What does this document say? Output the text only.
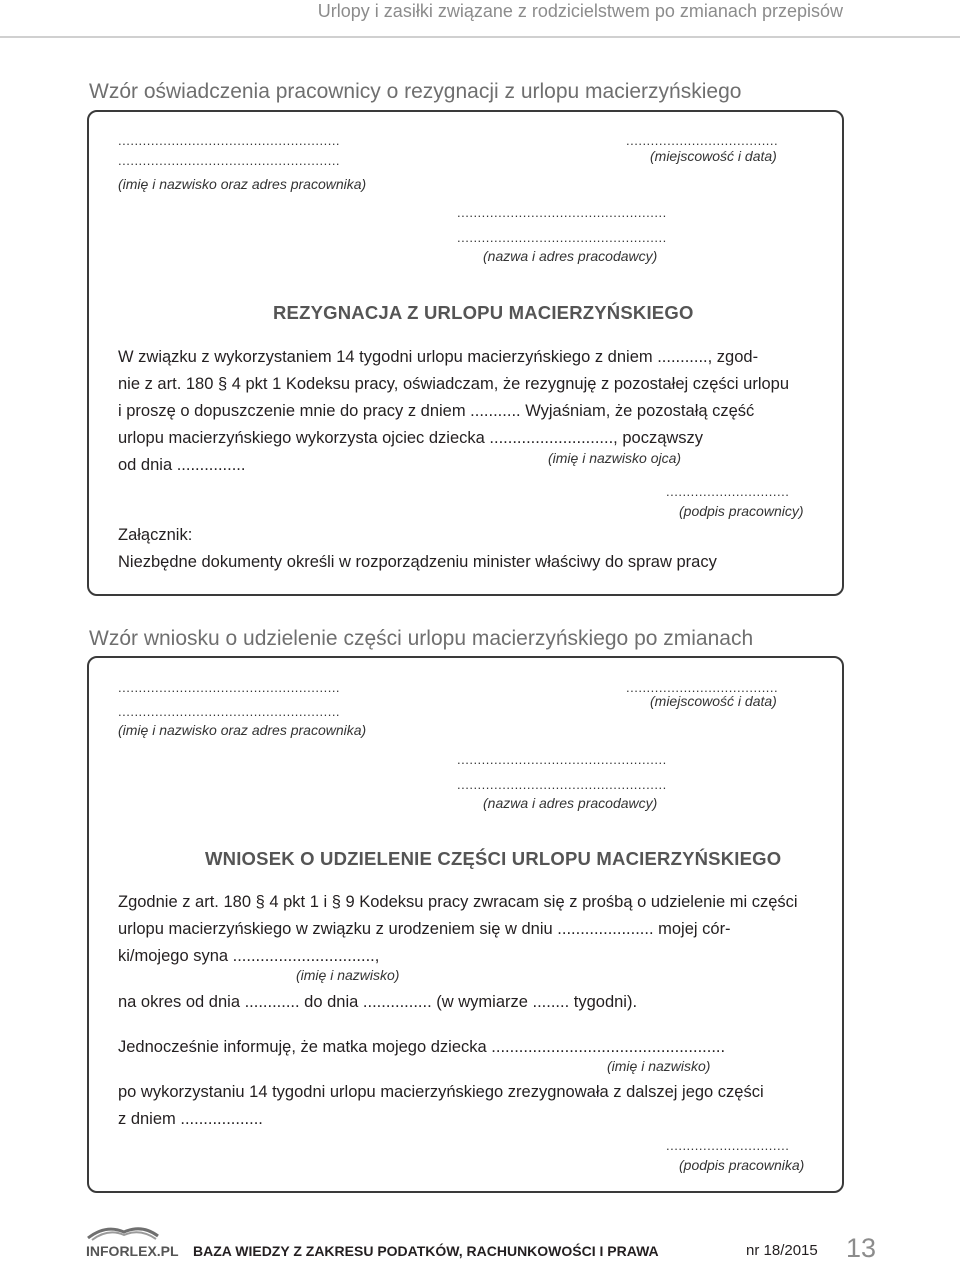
Urlopy i zasiłki związane z rodzicielstwem po zmianach przepisów
Wzór oświadczenia pracownicy o rezygnacji z urlopu macierzyńskiego
......................................................
......................................................
(imię i nazwisko oraz adres pracownika)
.....................................
(miejscowość i data)
...................................................
...................................................
(nazwa i adres pracodawcy)
REZYGNACJA Z URLOPU MACIERZYŃSKIEGO
W związku z wykorzystaniem 14 tygodni urlopu macierzyńskiego z dniem ..........., zgod-
nie z art. 180 § 4 pkt 1 Kodeksu pracy, oświadczam, że rezygnuję z pozostałej części urlopu
i proszę o dopuszczenie mnie do pracy z dniem ........... Wyjaśniam, że pozostałą część
urlopu macierzyńskiego wykorzysta ojciec dziecka ..........................., począwszy
od dnia ...............	(imię i nazwisko ojca)
..............................
(podpis pracownicy)
Załącznik:
Niezbędne dokumenty określi w rozporządzeniu minister właściwy do spraw pracy
Wzór wniosku o udzielenie części urlopu macierzyńskiego po zmianach
......................................................
......................................................
(imię i nazwisko oraz adres pracownika)
.....................................
(miejscowość i data)
...................................................
...................................................
(nazwa i adres pracodawcy)
WNIOSEK O UDZIELENIE CZĘŚCI URLOPU MACIERZYŃSKIEGO
Zgodnie z art. 180 § 4 pkt 1 i § 9 Kodeksu pracy zwracam się z prośbą o udzielenie mi części
urlopu macierzyńskiego w związku z urodzeniem się w dniu ..................... mojej cór-
ki/mojego syna ...............................,
(imię i nazwisko)
na okres od dnia ............ do dnia ............... (w wymiarze ........ tygodni).
Jednocześnie informuję, że matka mojego dziecka ...................................................
(imię i nazwisko)
po wykorzystaniu 14 tygodni urlopu macierzyńskiego zrezygnowała z dalszej jego części
z dniem ..................
..............................
(podpis pracownika)
INFORLEX.PL BAZA WIEDZY Z ZAKRESU PODATKÓW, RACHUNKOWOŚCI I PRAWA	nr 18/2015 13
